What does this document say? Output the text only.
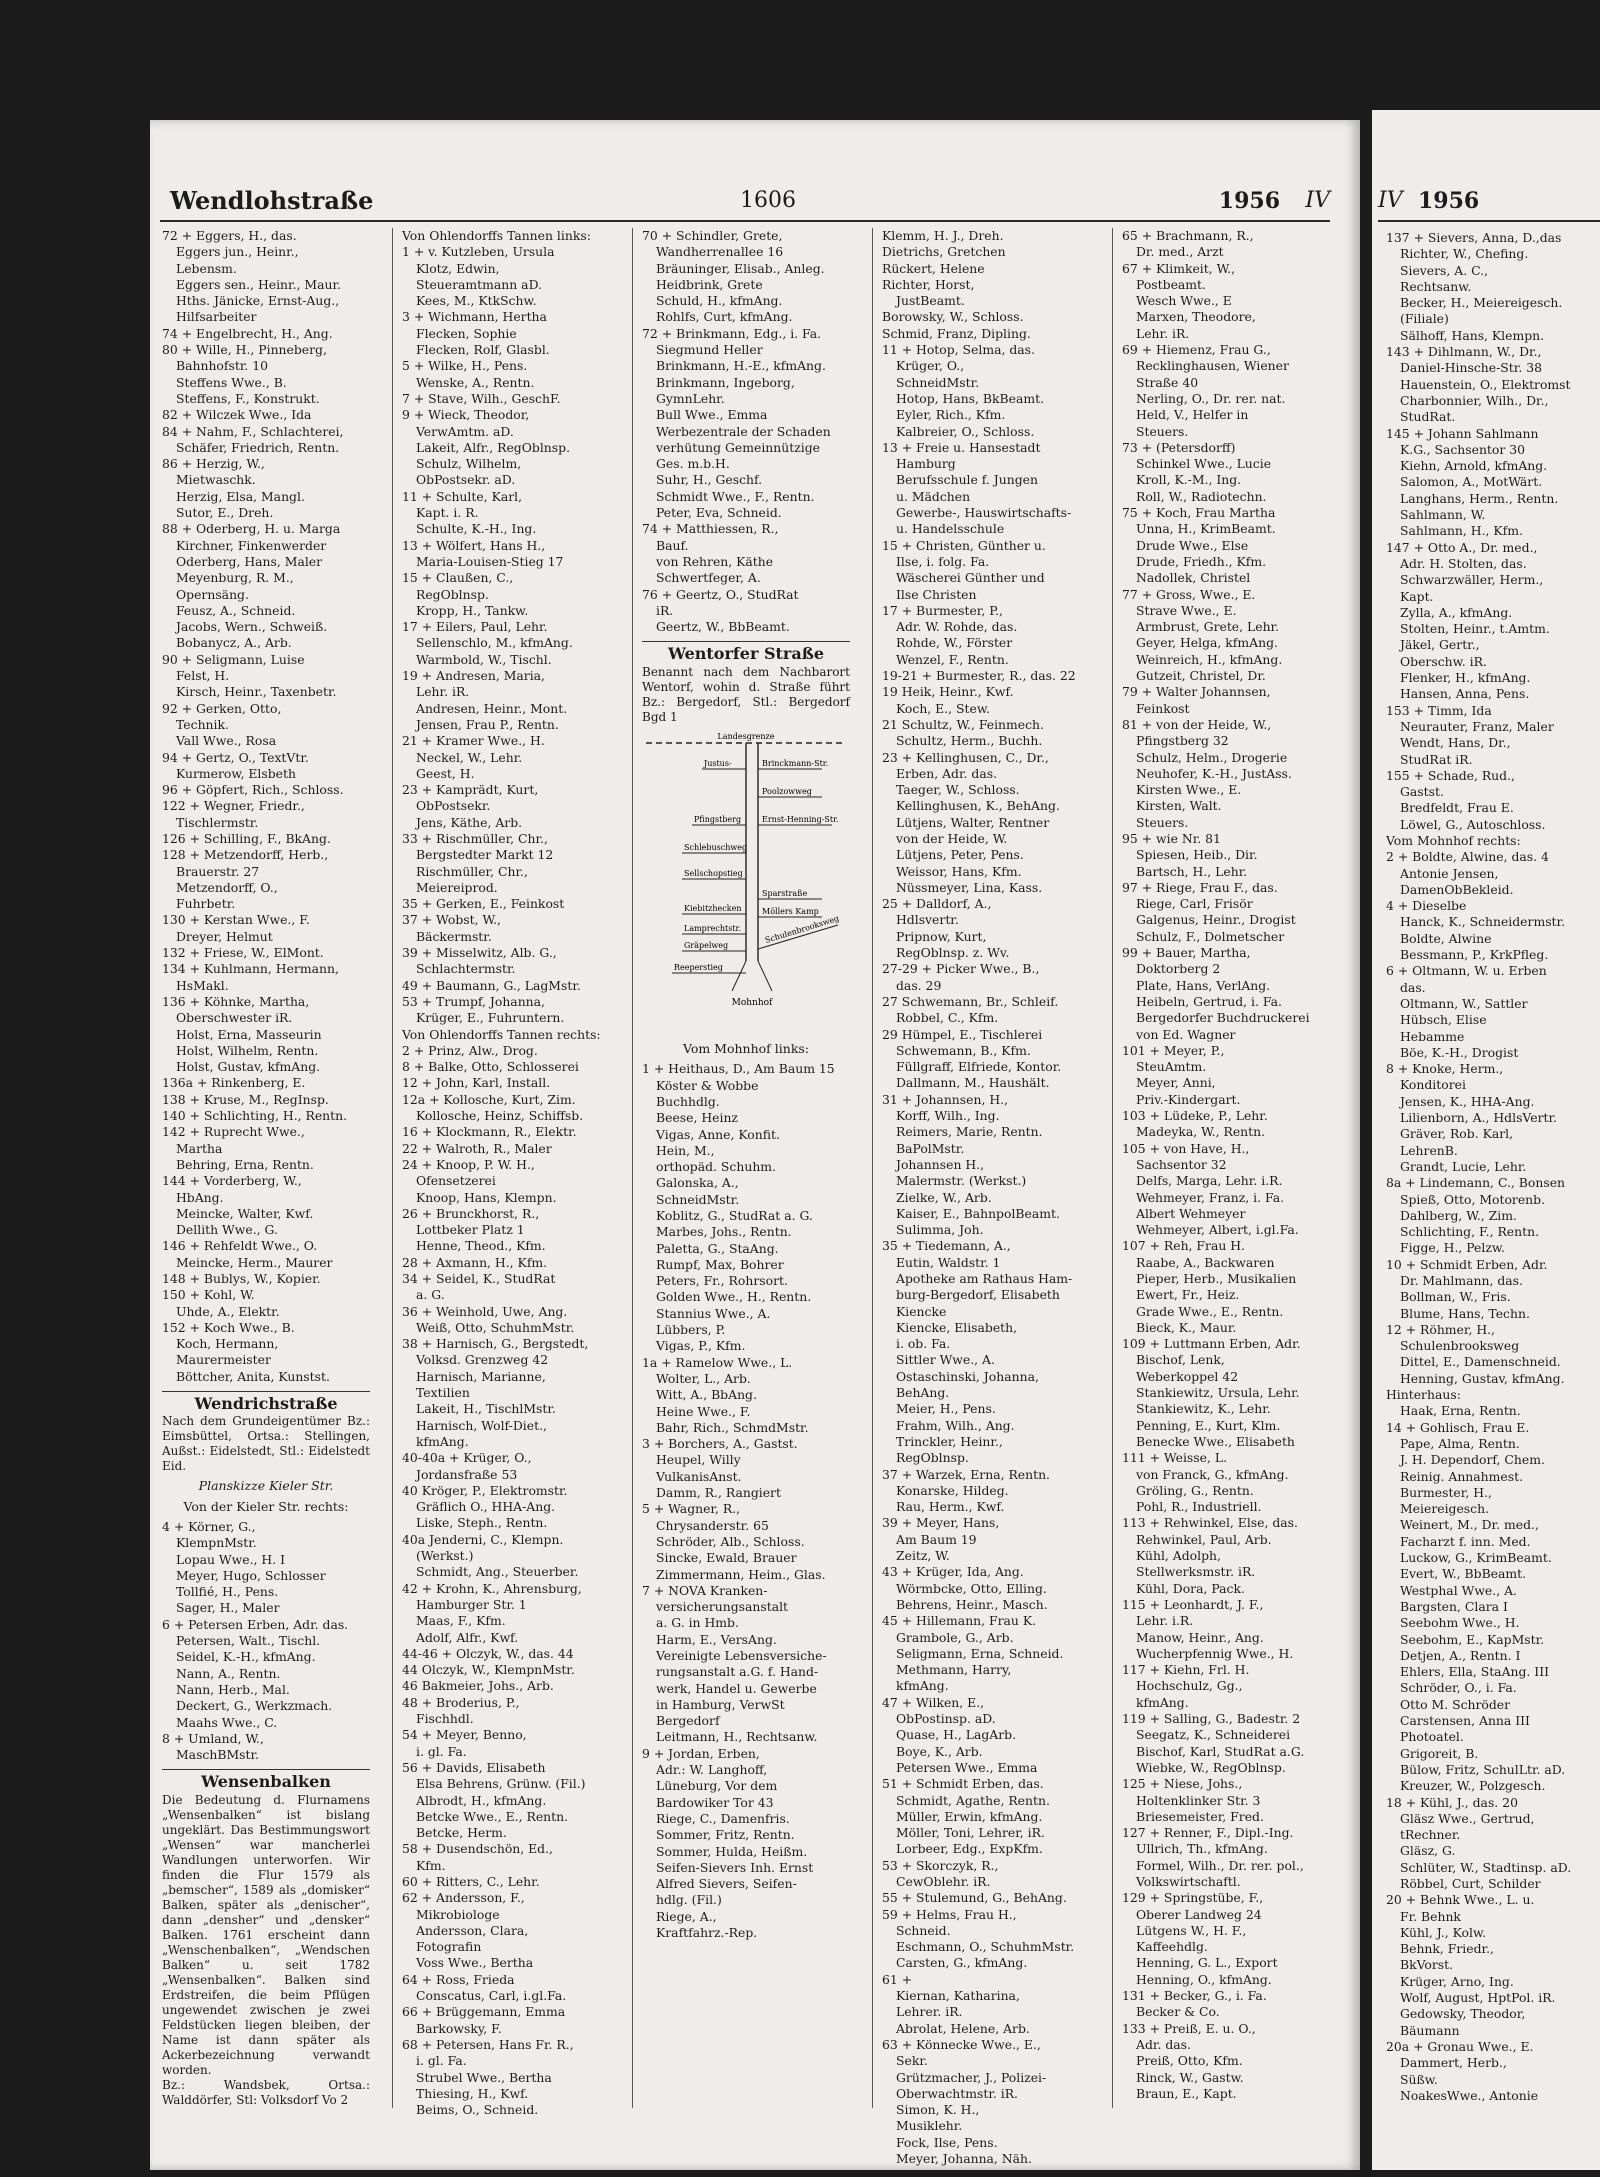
Wendlohstraße	1606	1956 IV
72 + Eggers, H., das.
Eggers jun., Heinr.,
Lebensm.
Eggers sen., Heinr., Maur.
Hths. Jänicke, Ernst-Aug.,
Hilfsarbeiter
74 + Engelbrecht, H., Ang.
80 + Wille, H., Pinneberg,
Bahnhofstr. 10
Steffens Wwe., B.
Steffens, F., Konstrukt.
82 + Wilczek Wwe., Ida
84 + Nahm, F., Schlachterei,
Schäfer, Friedrich, Rentn.
86 + Herzig, W.,
Mietwaschk.
Herzig, Elsa, Mangl.
Sutor, E., Dreh.
88 + Oderberg, H. u. Marga
Kirchner, Finkenwerder
Oderberg, Hans, Maler
Meyenburg, R. M.,
Opernsäng.
Feusz, A., Schneid.
Jacobs, Wern., Schweiß.
Bobanycz, A., Arb.
90 + Seligmann, Luise
Felst, H.
Kirsch, Heinr., Taxenbetr.
92 + Gerken, Otto,
Technik.
Vall Wwe., Rosa
94 + Gertz, O., TextVtr.
Kurmerow, Elsbeth
96 + Göpfert, Rich., Schloss.
122 + Wegner, Friedr.,
Tischlermstr.
126 + Schilling, F., BkAng.
128 + Metzendorff, Herb.,
Brauerstr. 27
Metzendorff, O.,
Fuhrbetr.
130 + Kerstan Wwe., F.
Dreyer, Helmut
132 + Friese, W., ElMont.
134 + Kuhlmann, Hermann,
HsMakl.
136 + Köhnke, Martha,
Oberschwester iR.
Holst, Erna, Masseurin
Holst, Wilhelm, Rentn.
Holst, Gustav, kfmAng.
136a + Rinkenberg, E.
138 + Kruse, M., RegInsp.
140 + Schlichting, H., Rentn.
142 + Ruprecht Wwe.,
Martha
Behring, Erna, Rentn.
144 + Vorderberg, W.,
HbAng.
Meincke, Walter, Kwf.
Dellith Wwe., G.
146 + Rehfeldt Wwe., O.
Meincke, Herm., Maurer
148 + Bublys, W., Kopier.
150 + Kohl, W.
Uhde, A., Elektr.
152 + Koch Wwe., B.
Koch, Hermann,
Maurermeister
Böttcher, Anita, Kunstst.
Wendrichstraße
Nach dem Grundeigentümer Bz.: Eimsbüttel, Ortsa.: Stellingen, Außst.: Eidelstedt, Stl.: Eidelstedt Eid.
Planskizze Kieler Str.
Von der Kieler Str. rechts:
4 + Körner, G.,
KlempnMstr.
Lopau Wwe., H. I
Meyer, Hugo, Schlosser
Tollfié, H., Pens.
Sager, H., Maler
6 + Petersen Erben, Adr. das.
Petersen, Walt., Tischl.
Seidel, K.-H., kfmAng.
Nann, A., Rentn.
Nann, Herb., Mal.
Deckert, G., Werkzmach.
Maahs Wwe., C.
8 + Umland, W.,
MaschBMstr.
Wensenbalken
Die Bedeutung d. Flurnamens „Wensenbalken“ ist bislang ungeklärt. Das Bestimmungswort „Wensen“ war mancherlei Wandlungen unterworfen. Wir finden die Flur 1579 als „bemscher“, 1589 als „domisker“ Balken, später als „denischer“, dann „densher“ und „densker“ Balken. 1761 erscheint dann „Wenschenbalken“, „Wendschen Balken“ u. seit 1782 „Wensenbalken“. Balken sind Erdstreifen, die beim Pflügen ungewendet zwischen je zwei Feldstücken liegen bleiben, der Name ist dann später als Ackerbezeichnung verwandt worden.
Bz.: Wandsbek, Ortsa.: Walddörfer, Stl: Volksdorf Vo 2
Von Ohlendorffs Tannen links:
1 + v. Kutzleben, Ursula
Klotz, Edwin,
Steueramtmann aD.
Kees, M., KtkSchw.
3 + Wichmann, Hertha
Flecken, Sophie
Flecken, Rolf, Glasbl.
5 + Wilke, H., Pens.
Wenske, A., Rentn.
7 + Stave, Wilh., GeschF.
9 + Wieck, Theodor,
VerwAmtm. aD.
Lakeit, Alfr., RegOblnsp.
Schulz, Wilhelm,
ObPostsekr. aD.
11 + Schulte, Karl,
Kapt. i. R.
Schulte, K.-H., Ing.
13 + Wölfert, Hans H.,
Maria-Louisen-Stieg 17
15 + Claußen, C.,
RegOblnsp.
Kropp, H., Tankw.
17 + Eilers, Paul, Lehr.
Sellenschlo, M., kfmAng.
Warmbold, W., Tischl.
19 + Andresen, Maria,
Lehr. iR.
Andresen, Heinr., Mont.
Jensen, Frau P., Rentn.
21 + Kramer Wwe., H.
Neckel, W., Lehr.
Geest, H.
23 + Kamprädt, Kurt,
ObPostsekr.
Jens, Käthe, Arb.
33 + Rischmüller, Chr.,
Bergstedter Markt 12
Rischmüller, Chr.,
Meiereiprod.
35 + Gerken, E., Feinkost
37 + Wobst, W.,
Bäckermstr.
39 + Misselwitz, Alb. G.,
Schlachtermstr.
49 + Baumann, G., LagMstr.
53 + Trumpf, Johanna,
Krüger, E., Fuhruntern.
Von Ohlendorffs Tannen rechts:
2 + Prinz, Alw., Drog.
8 + Balke, Otto, Schlosserei
12 + John, Karl, Install.
12a + Kollosche, Kurt, Zim.
Kollosche, Heinz, Schiffsb.
16 + Klockmann, R., Elektr.
22 + Walroth, R., Maler
24 + Knoop, P. W. H.,
Ofensetzerei
Knoop, Hans, Klempn.
26 + Brunckhorst, R.,
Lottbeker Platz 1
Henne, Theod., Kfm.
28 + Axmann, H., Kfm.
34 + Seidel, K., StudRat
a. G.
36 + Weinhold, Uwe, Ang.
Weiß, Otto, SchuhmMstr.
38 + Harnisch, G., Bergstedt,
Volksd. Grenzweg 42
Harnisch, Marianne,
Textilien
Lakeit, H., TischlMstr.
Harnisch, Wolf-Diet.,
kfmAng.
40-40a + Krüger, O.,
Jordansfraße 53
40 Kröger, P., Elektromstr.
Gräflich O., HHA-Ang.
Liske, Steph., Rentn.
40a Jenderni, C., Klempn.
(Werkst.)
Schmidt, Ang., Steuerber.
42 + Krohn, K., Ahrensburg,
Hamburger Str. 1
Maas, F., Kfm.
Adolf, Alfr., Kwf.
44-46 + Olczyk, W., das. 44
44 Olczyk, W., KlempnMstr.
46 Bakmeier, Johs., Arb.
48 + Broderius, P.,
Fischhdl.
54 + Meyer, Benno,
i. gl. Fa.
56 + Davids, Elisabeth
Elsa Behrens, Grünw. (Fil.)
Albrodt, H., kfmAng.
Betcke Wwe., E., Rentn.
Betcke, Herm.
58 + Dusendschön, Ed.,
Kfm.
60 + Ritters, C., Lehr.
62 + Andersson, F.,
Mikrobiologe
Andersson, Clara,
Fotografin
Voss Wwe., Bertha
64 + Ross, Frieda
Conscatus, Carl, i.gl.Fa.
66 + Brüggemann, Emma
Barkowsky, F.
68 + Petersen, Hans Fr. R.,
i. gl. Fa.
Strubel Wwe., Bertha
Thiesing, H., Kwf.
Beims, O., Schneid.
70 + Schindler, Grete,
Wandherrenallee 16
Bräuninger, Elisab., Anleg.
Heidbrink, Grete
Schuld, H., kfmAng.
Rohlfs, Curt, kfmAng.
72 + Brinkmann, Edg., i. Fa.
Siegmund Heller
Brinkmann, H.-E., kfmAng.
Brinkmann, Ingeborg,
GymnLehr.
Bull Wwe., Emma
Werbezentrale der Schaden
verhütung Gemeinnützige
Ges. m.b.H.
Suhr, H., Geschf.
Schmidt Wwe., F., Rentn.
Peter, Eva, Schneid.
74 + Matthiessen, R.,
Bauf.
von Rehren, Käthe
Schwertfeger, A.
76 + Geertz, O., StudRat
iR.
Geertz, W., BbBeamt.
Wentorfer Straße
Benannt nach dem Nachbarort Wentorf, wohin d. Straße führt Bz.: Bergedorf, Stl.: Bergedorf Bgd 1
Landesgrenze
Justus-	Brinckmann-Str.
Poolzowweg
Pfingstberg	Ernst-Henning-Str.
Schlebuschweg
Sellschopstieg
Sparstraße
Kiebitzhecken	Möllers Kamp
Lamprechtstr.
Gräpelweg
Schulenbrooksweg
Reeperstieg
Mohnhof
Vom Mohnhof links:
1 + Heithaus, D., Am Baum 15
Köster & Wobbe
Buchhdlg.
Beese, Heinz
Vigas, Anne, Konfit.
Hein, M.,
orthopäd. Schuhm.
Galonska, A.,
SchneidMstr.
Koblitz, G., StudRat a. G.
Marbes, Johs., Rentn.
Paletta, G., StaAng.
Rumpf, Max, Bohrer
Peters, Fr., Rohrsort.
Golden Wwe., H., Rentn.
Stannius Wwe., A.
Lübbers, P.
Vigas, P., Kfm.
1a + Ramelow Wwe., L.
Wolter, L., Arb.
Witt, A., BbAng.
Heine Wwe., F.
Bahr, Rich., SchmdMstr.
3 + Borchers, A., Gastst.
Heupel, Willy
VulkanisAnst.
Damm, R., Rangiert
5 + Wagner, R.,
Chrysanderstr. 65
Schröder, Alb., Schloss.
Sincke, Ewald, Brauer
Zimmermann, Heim., Glas.
7 + NOVA Kranken-
versicherungsanstalt
a. G. in Hmb.
Harm, E., VersAng.
Vereinigte Lebensversiche-
rungsanstalt a.G. f. Hand-
werk, Handel u. Gewerbe
in Hamburg, VerwSt
Bergedorf
Leitmann, H., Rechtsanw.
9 + Jordan, Erben,
Adr.: W. Langhoff,
Lüneburg, Vor dem
Bardowiker Tor 43
Riege, C., Damenfris.
Sommer, Fritz, Rentn.
Sommer, Hulda, Heißm.
Seifen-Sievers Inh. Ernst
Alfred Sievers, Seifen-
hdlg. (Fil.)
Riege, A.,
Kraftfahrz.-Rep.
Klemm, H. J., Dreh.
Dietrichs, Gretchen
Rückert, Helene
Richter, Horst,
JustBeamt.
Borowsky, W., Schloss.
Schmid, Franz, Dipling.
11 + Hotop, Selma, das.
Krüger, O.,
SchneidMstr.
Hotop, Hans, BkBeamt.
Eyler, Rich., Kfm.
Kalbreier, O., Schloss.
13 + Freie u. Hansestadt
Hamburg
Berufsschule f. Jungen
u. Mädchen
Gewerbe-, Hauswirtschafts-
u. Handelsschule
15 + Christen, Günther u.
Ilse, i. folg. Fa.
Wäscherei Günther und
Ilse Christen
17 + Burmester, P.,
Adr. W. Rohde, das.
Rohde, W., Förster
Wenzel, F., Rentn.
19-21 + Burmester, R., das. 22
19 Heik, Heinr., Kwf.
Koch, E., Stew.
21 Schultz, W., Feinmech.
Schultz, Herm., Buchh.
23 + Kellinghusen, C., Dr.,
Erben, Adr. das.
Taeger, W., Schloss.
Kellinghusen, K., BehAng.
Lütjens, Walter, Rentner
von der Heide, W.
Lütjens, Peter, Pens.
Weissor, Hans, Kfm.
Nüssmeyer, Lina, Kass.
25 + Dalldorf, A.,
Hdlsvertr.
Pripnow, Kurt,
RegOblnsp. z. Wv.
27-29 + Picker Wwe., B.,
das. 29
27 Schwemann, Br., Schleif.
Robbel, C., Kfm.
29 Hümpel, E., Tischlerei
Schwemann, B., Kfm.
Füllgraff, Elfriede, Kontor.
Dallmann, M., Haushält.
31 + Johannsen, H.,
Korff, Wilh., Ing.
Reimers, Marie, Rentn.
BaPolMstr.
Johannsen H.,
Malermstr. (Werkst.)
Zielke, W., Arb.
Kaiser, E., BahnpolBeamt.
Sulimma, Joh.
35 + Tiedemann, A.,
Eutin, Waldstr. 1
Apotheke am Rathaus Ham-
burg-Bergedorf, Elisabeth
Kiencke
Kiencke, Elisabeth,
i. ob. Fa.
Sittler Wwe., A.
Ostaschinski, Johanna,
BehAng.
Meier, H., Pens.
Frahm, Wilh., Ang.
Trinckler, Heinr.,
RegOblnsp.
37 + Warzek, Erna, Rentn.
Konarske, Hildeg.
Rau, Herm., Kwf.
39 + Meyer, Hans,
Am Baum 19
Zeitz, W.
43 + Krüger, Ida, Ang.
Wörmbcke, Otto, Elling.
Behrens, Heinr., Masch.
45 + Hillemann, Frau K.
Grambole, G., Arb.
Seligmann, Erna, Schneid.
Methmann, Harry,
kfmAng.
47 + Wilken, E.,
ObPostinsp. aD.
Quase, H., LagArb.
Boye, K., Arb.
Petersen Wwe., Emma
51 + Schmidt Erben, das.
Schmidt, Agathe, Rentn.
Müller, Erwin, kfmAng.
Möller, Toni, Lehrer, iR.
Lorbeer, Edg., ExpKfm.
53 + Skorczyk, R.,
CewOblehr. iR.
55 + Stulemund, G., BehAng.
59 + Helms, Frau H.,
Schneid.
Eschmann, O., SchuhmMstr.
Carsten, G., kfmAng.
61 +
Kiernan, Katharina,
Lehrer. iR.
Abrolat, Helene, Arb.
63 + Könnecke Wwe., E.,
Sekr.
Grützmacher, J., Polizei-
Oberwachtmstr. iR.
Simon, K. H.,
Musiklehr.
Fock, Ilse, Pens.
Meyer, Johanna, Näh.
65 + Brachmann, R.,
Dr. med., Arzt
67 + Klimkeit, W.,
Postbeamt.
Wesch Wwe., E
Marxen, Theodore,
Lehr. iR.
69 + Hiemenz, Frau G.,
Recklinghausen, Wiener
Straße 40
Nerling, O., Dr. rer. nat.
Held, V., Helfer in
Steuers.
73 + (Petersdorff)
Schinkel Wwe., Lucie
Kroll, K.-M., Ing.
Roll, W., Radiotechn.
75 + Koch, Frau Martha
Unna, H., KrimBeamt.
Drude Wwe., Else
Drude, Friedh., Kfm.
Nadollek, Christel
77 + Gross, Wwe., E.
Strave Wwe., E.
Armbrust, Grete, Lehr.
Geyer, Helga, kfmAng.
Weinreich, H., kfmAng.
Gutzeit, Christel, Dr.
79 + Walter Johannsen,
Feinkost
81 + von der Heide, W.,
Pfingstberg 32
Schulz, Helm., Drogerie
Neuhofer, K.-H., JustAss.
Kirsten Wwe., E.
Kirsten, Walt.
Steuers.
95 + wie Nr. 81
Spiesen, Heib., Dir.
Bartsch, H., Lehr.
97 + Riege, Frau F., das.
Riege, Carl, Frisör
Galgenus, Heinr., Drogist
Schulz, F., Dolmetscher
99 + Bauer, Martha,
Doktorberg 2
Plate, Hans, VerlAng.
Heibeln, Gertrud, i. Fa.
Bergedorfer Buchdruckerei
von Ed. Wagner
101 + Meyer, P.,
SteuAmtm.
Meyer, Anni,
Priv.-Kindergart.
103 + Lüdeke, P., Lehr.
Madeyka, W., Rentn.
105 + von Have, H.,
Sachsentor 32
Delfs, Marga, Lehr. i.R.
Wehmeyer, Franz, i. Fa.
Albert Wehmeyer
Wehmeyer, Albert, i.gl.Fa.
107 + Reh, Frau H.
Raabe, A., Backwaren
Pieper, Herb., Musikalien
Ewert, Fr., Heiz.
Grade Wwe., E., Rentn.
Bieck, K., Maur.
109 + Luttmann Erben, Adr.
Bischof, Lenk,
Weberkoppel 42
Stankiewitz, Ursula, Lehr.
Stankiewitz, K., Lehr.
Penning, E., Kurt, Klm.
Benecke Wwe., Elisabeth
111 + Weisse, L.
von Franck, G., kfmAng.
Gröling, G., Rentn.
Pohl, R., Industriell.
113 + Rehwinkel, Else, das.
Rehwinkel, Paul, Arb.
Kühl, Adolph,
Stellwerksmstr. iR.
Kühl, Dora, Pack.
115 + Leonhardt, J. F.,
Lehr. i.R.
Manow, Heinr., Ang.
Wucherpfennig Wwe., H.
117 + Kiehn, Frl. H.
Hochschulz, Gg.,
kfmAng.
119 + Salling, G., Badestr. 2
Seegatz, K., Schneiderei
Bischof, Karl, StudRat a.G.
Wiebke, W., RegOblnsp.
125 + Niese, Johs.,
Holtenklinker Str. 3
Briesemeister, Fred.
127 + Renner, F., Dipl.-Ing.
Ullrich, Th., kfmAng.
Formel, Wilh., Dr. rer. pol.,
Volkswirtschaftl.
129 + Springstübe, F.,
Oberer Landweg 24
Lütgens W., H. F.,
Kaffeehdlg.
Henning, G. L., Export
Henning, O., kfmAng.
131 + Becker, G., i. Fa.
Becker & Co.
133 + Preiß, E. u. O.,
Adr. das.
Preiß, Otto, Kfm.
Rinck, W., Gastw.
Braun, E., Kapt.
IV 1956
137 + Sievers, Anna, D.,das
Richter, W., Chefing.
Sievers, A. C.,
Rechtsanw.
Becker, H., Meiereigesch.
(Filiale)
Sälhoff, Hans, Klempn.
143 + Dihlmann, W., Dr.,
Daniel-Hinsche-Str. 38
Hauenstein, O., Elektromst
Charbonnier, Wilh., Dr.,
StudRat.
145 + Johann Sahlmann
K.G., Sachsentor 30
Kiehn, Arnold, kfmAng.
Salomon, A., MotWärt.
Langhans, Herm., Rentn.
Sahlmann, W.
Sahlmann, H., Kfm.
147 + Otto A., Dr. med.,
Adr. H. Stolten, das.
Schwarzwäller, Herm.,
Kapt.
Zylla, A., kfmAng.
Stolten, Heinr., t.Amtm.
Jäkel, Gertr.,
Oberschw. iR.
Flenker, H., kfmAng.
Hansen, Anna, Pens.
153 + Timm, Ida
Neurauter, Franz, Maler
Wendt, Hans, Dr.,
StudRat iR.
155 + Schade, Rud.,
Gastst.
Bredfeldt, Frau E.
Löwel, G., Autoschloss.
Vom Mohnhof rechts:
2 + Boldte, Alwine, das. 4
Antonie Jensen,
DamenObBekleid.
4 + Dieselbe
Hanck, K., Schneidermstr.
Boldte, Alwine
Bessmann, P., KrkPfleg.
6 + Oltmann, W. u. Erben
das.
Oltmann, W., Sattler
Hübsch, Elise
Hebamme
Böe, K.-H., Drogist
8 + Knoke, Herm.,
Konditorei
Jensen, K., HHA-Ang.
Lilienborn, A., HdlsVertr.
Gräver, Rob. Karl,
LehrenB.
Grandt, Lucie, Lehr.
8a + Lindemann, C., Bonsen
Spieß, Otto, Motorenb.
Dahlberg, W., Zim.
Schlichting, F., Rentn.
Figge, H., Pelzw.
10 + Schmidt Erben, Adr.
Dr. Mahlmann, das.
Bollman, W., Fris.
Blume, Hans, Techn.
12 + Röhmer, H.,
Schulenbrooksweg
Dittel, E., Damenschneid.
Henning, Gustav, kfmAng.
Hinterhaus:
Haak, Erna, Rentn.
14 + Gohlisch, Frau E.
Pape, Alma, Rentn.
J. H. Dependorf, Chem.
Reinig. Annahmest.
Burmester, H.,
Meiereigesch.
Weinert, M., Dr. med.,
Facharzt f. inn. Med.
Luckow, G., KrimBeamt.
Evert, W., BbBeamt.
Westphal Wwe., A.
Bargsten, Clara I
Seebohm Wwe., H.
Seebohm, E., KapMstr.
Detjen, A., Rentn. I
Ehlers, Ella, StaAng. III
Schröder, O., i. Fa.
Otto M. Schröder
Carstensen, Anna III
Photoatel.
Grigoreit, B.
Bülow, Fritz, SchulLtr. aD.
Kreuzer, W., Polzgesch.
18 + Kühl, J., das. 20
Gläsz Wwe., Gertrud,
tRechner.
Gläsz, G.
Schlüter, W., Stadtinsp. aD.
Röbbel, Curt, Schilder
20 + Behnk Wwe., L. u.
Fr. Behnk
Kühl, J., Kolw.
Behnk, Friedr.,
BkVorst.
Krüger, Arno, Ing.
Wolf, August, HptPol. iR.
Gedowsky, Theodor,
Bäumann
20a + Gronau Wwe., E.
Dammert, Herb.,
Süßw.
NoakesWwe., Antonie
